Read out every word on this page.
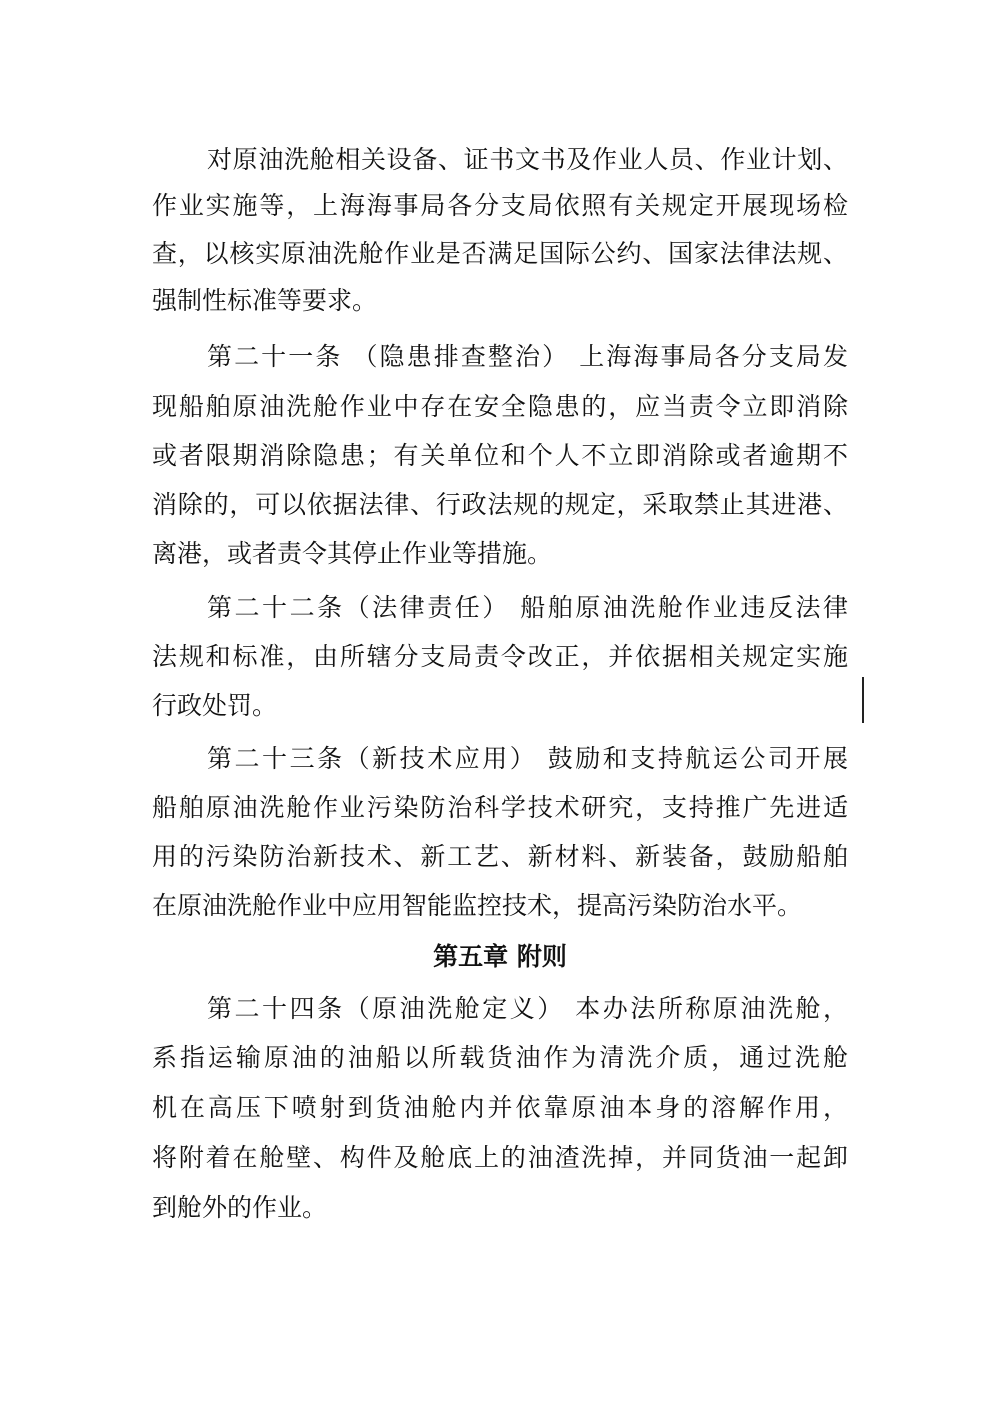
对原油洗舱相关设备、证书文书及作业人员、作业计划、
作业实施等，上海海事局各分支局依照有关规定开展现场检
查，以核实原油洗舱作业是否满足国际公约、国家法律法规、
强制性标准等要求。
第二十一条 （隐患排查整治） 上海海事局各分支局发
现船舶原油洗舱作业中存在安全隐患的，应当责令立即消除
或者限期消除隐患；有关单位和个人不立即消除或者逾期不
消除的，可以依据法律、行政法规的规定，采取禁止其进港、
离港，或者责令其停止作业等措施。
第二十二条（法律责任） 船舶原油洗舱作业违反法律
法规和标准，由所辖分支局责令改正，并依据相关规定实施
行政处罚。
第二十三条（新技术应用） 鼓励和支持航运公司开展
船舶原油洗舱作业污染防治科学技术研究，支持推广先进适
用的污染防治新技术、新工艺、新材料、新装备，鼓励船舶
在原油洗舱作业中应用智能监控技术，提高污染防治水平。
第五章 附则
第二十四条（原油洗舱定义） 本办法所称原油洗舱，
系指运输原油的油船以所载货油作为清洗介质，通过洗舱
机在高压下喷射到货油舱内并依靠原油本身的溶解作用，
将附着在舱壁、构件及舱底上的油渣洗掉，并同货油一起卸
到舱外的作业。
